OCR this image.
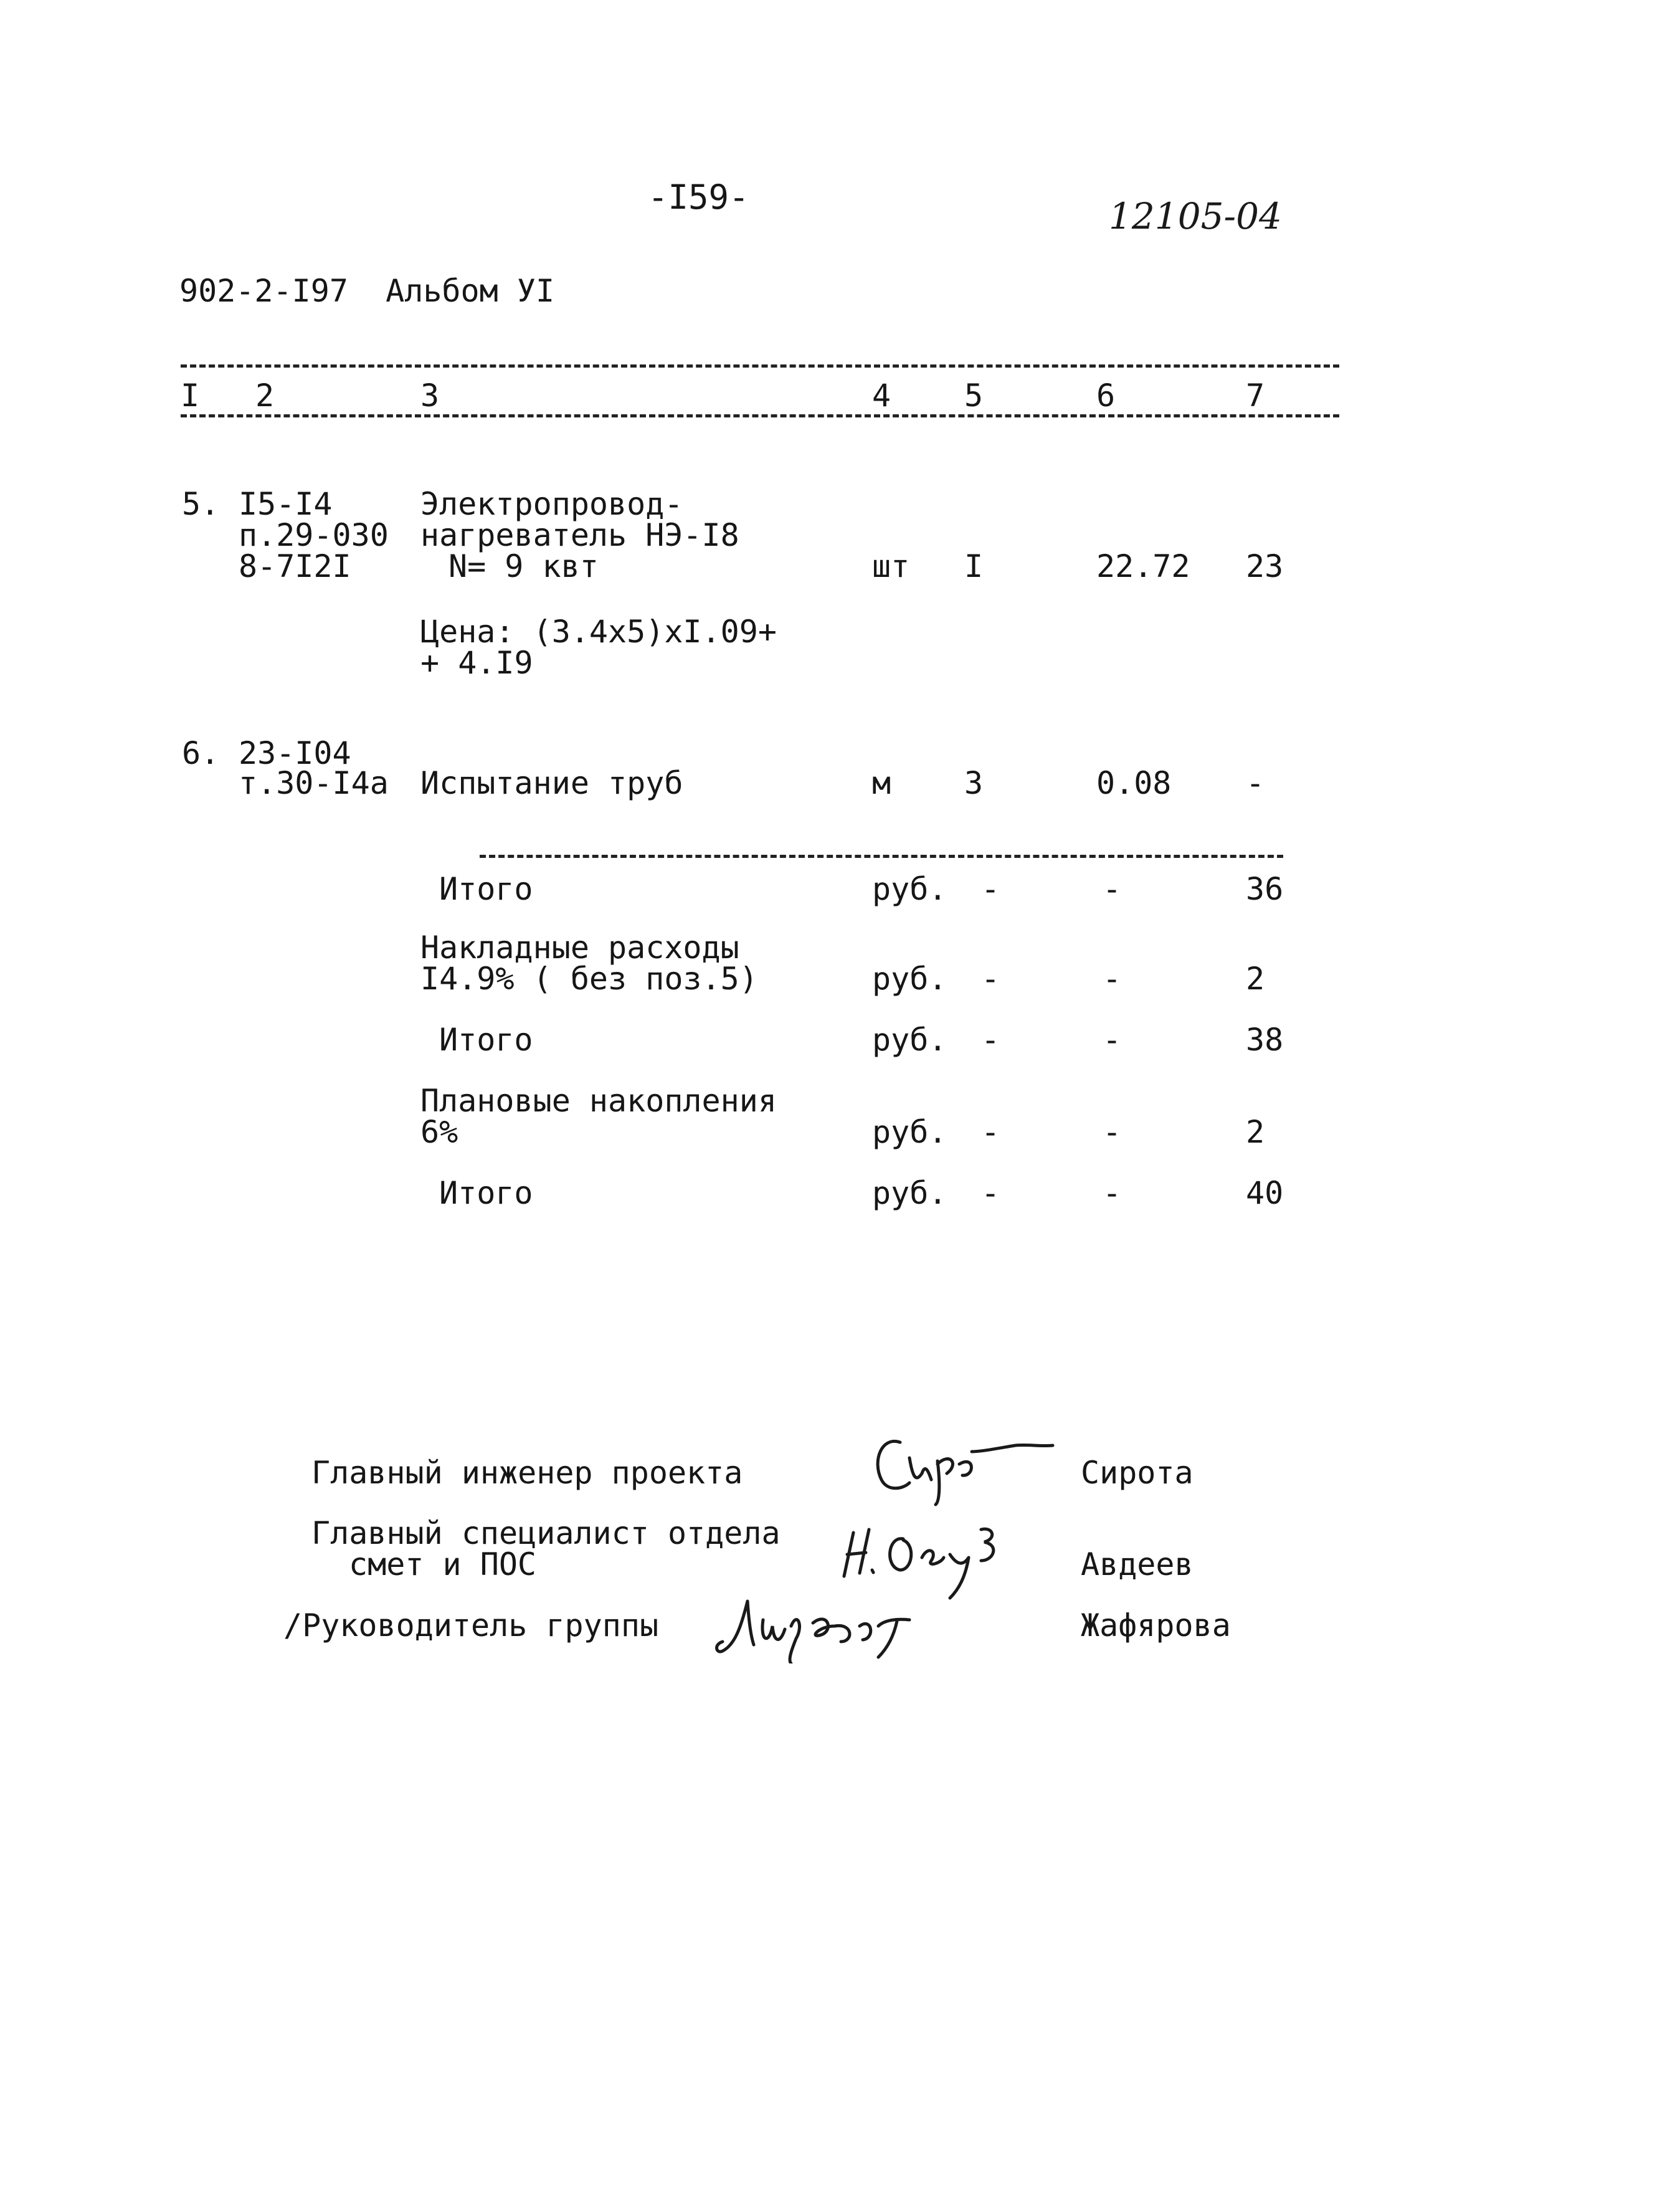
-I59-	12105-04
902-2-I97  Альбом УI
I 2	3	4 5	6	7
5. I5-I4
п.29-030
8-7I2I
Электропровод-
нагреватель НЭ-I8
N= 9 квт	шт I	22.72 23
Цена: (3.4х5)хI.09+
+ 4.I9
6. 23-I04
т.30-I4а Испытание труб	м 3	0.08 -
Итого	руб. -	-	36
Накладные расходы
I4.9% ( без поз.5)	руб. -	-	2
Итого	руб. -	-	38
Плановые накопления
6%	руб. -	-	2
Итого	руб. -	-	40
Главный инженер проекта	Сирота
Главный специалист отдела
смет и ПОС	Авдеев
/Руководитель группы	Жафярова
